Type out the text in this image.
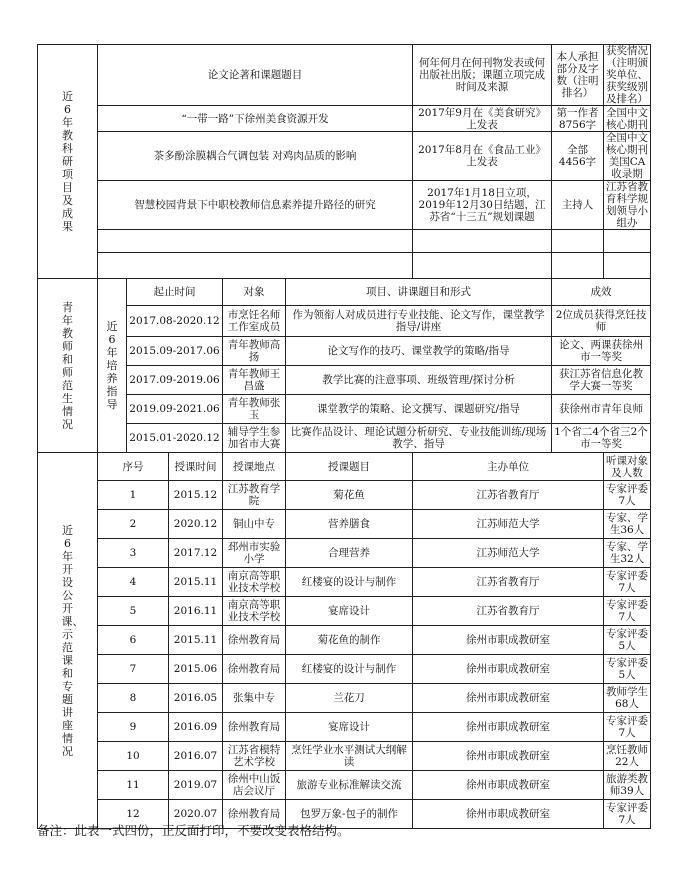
近6年教科研项目及成果	论文论著和课题题目					何年何月在何刊物发表或何出版社出版；课题立项完成时间及来源	本人承担部分及字数（注明排名）	获奖情况（注明颁奖单位、获奖级别及排名）
	“一带一路”下徐州美食资源开发					2017年9月在《美食研究》上发表	第一作者8756字	全国中文核心期刊
	茶多酚涂膜耦合气调包装 对鸡肉品质的影响					2017年8月在《食品工业》上发表	全部 4456字	全国中文核心期刊美国CA收录期
	智慧校园背景下中职校教师信息素养提升路径的研究					2017年1月18日立项，2019年12月30日结题，江苏省“十三五”规划课题	主持人	江苏省教育科学规划领导小组办

青年教师和师范生情况	近6年培养指导	起止时间		对象	项目、讲课题目和形式		成效	
		2017.08-2020.12		市烹饪名师工作室成员	作为领衔人对成员进行专业技能、论文写作，课堂教学指导/讲座		2位成员获得烹饪技师	
		2015.09-2017.06		青年教师高扬	论文写作的技巧、课堂教学的策略/指导		论文、两课获徐州市一等奖	
		2017.09-2019.06		青年教师王昌盛	教学比赛的注意事项、班级管理/探讨分析		获江苏省信息化教学大赛一等奖	
		2019.09-2021.06		青年教师张玉	课堂教学的策略、论文撰写、课题研究/指导		获徐州市青年良师	
		2015.01-2020.12		辅导学生参加省市大赛	比赛作品设计、理论试题分析研究、专业技能训练/现场教学、指导		1个省二4个省三2个市一等奖	
近6年开设公开课、示范课和专题讲座情况	序号		授课时间	授课地点	授课题目	主办单位		听课对象及人数
	1		2015.12	江苏教育学院	菊花鱼	江苏省教育厅		专家评委7人
	2		2020.12	铜山中专	营养膳食	江苏师范大学		专家、学生36人
	3		2017.12	邳州市实验小学	合理营养	江苏师范大学		专家、学生32人
	4		2015.11	南京高等职业技术学校	红楼宴的设计与制作	江苏省教育厅		专家评委7人
	5		2016.11	南京高等职业技术学校	宴席设计	江苏省教育厅		专家评委7人
	6		2015.11	徐州教育局	菊花鱼的制作	徐州市职成教研室		专家评委5人
	7		2015.06	徐州教育局	红楼宴的设计与制作	徐州市职成教研室		专家评委5人
	8		2016.05	张集中专	兰花刀	徐州市职成教研室		教师学生68人
	9		2016.09	徐州教育局	宴席设计	徐州市职成教研室		专家评委7人
	10		2016.07	江苏省模特艺术学校	烹饪学业水平测试大纲解读	徐州市职成教研室		烹饪教师22人
	11		2019.07	徐州中山饭店会议厅	旅游专业标准解读交流	徐州市职成教研室		旅游类教师39人
	12		2020.07	徐州教育局	包罗万象-包子的制作	徐州市职成教研室		专家评委7人
备注：此表一式四份，正反面打印，不要改变表格结构。
